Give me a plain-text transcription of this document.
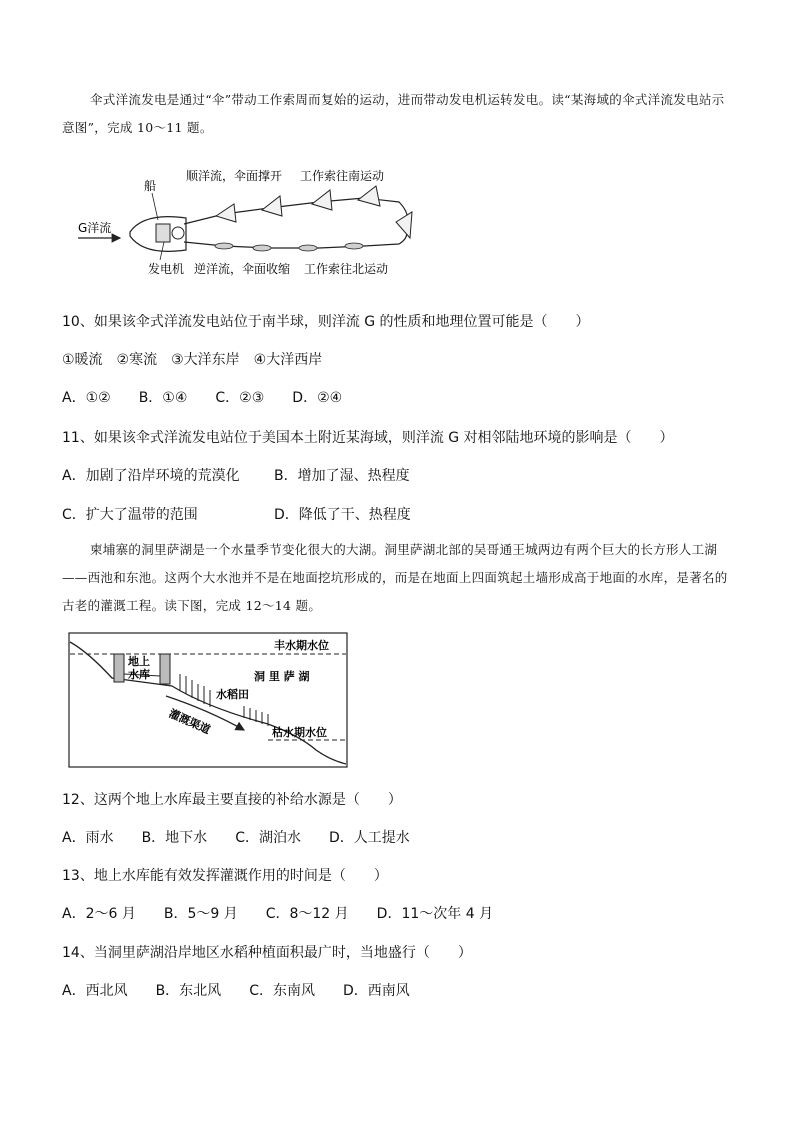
伞式洋流发电是通过“伞”带动工作索周而复始的运动，进而带动发电机运转发电。读“某海域的伞式洋流发电站示意图”，完成 10～11 题。
G洋流
船
发电机
顺洋流，伞面撑开 工作索往南运动
逆洋流，伞面收缩 工作索往北运动
10、如果该伞式洋流发电站位于南半球，则洋流 G 的性质和地理位置可能是（　　）
①暖流　②寒流　③大洋东岸　④大洋西岸
A．①② B．①④ C．②③ D．②④
11、如果该伞式洋流发电站位于美国本土附近某海域，则洋流 G 对相邻陆地环境的影响是（　　）
A．加剧了沿岸环境的荒漠化	B．增加了湿、热程度
C．扩大了温带的范围	D．降低了干、热程度
柬埔寨的洞里萨湖是一个水量季节变化很大的大湖。洞里萨湖北部的吴哥通王城两边有两个巨大的长方形人工湖——西池和东池。这两个大水池并不是在地面挖坑形成的，而是在地面上四面筑起土墙形成高于地面的水库，是著名的古老的灌溉工程。读下图，完成 12～14 题。
地上
水库
灌溉渠道
水稻田
丰水期水位
洞 里 萨 湖
枯水期水位
12、这两个地上水库最主要直接的补给水源是（　　）
A．雨水 B．地下水 C．湖泊水 D．人工提水
13、地上水库能有效发挥灌溉作用的时间是（　　）
A．2～6 月 B．5～9 月 C．8～12 月 D．11～次年 4 月
14、当洞里萨湖沿岸地区水稻种植面积最广时，当地盛行（　　）
A．西北风 B．东北风 C．东南风 D．西南风
